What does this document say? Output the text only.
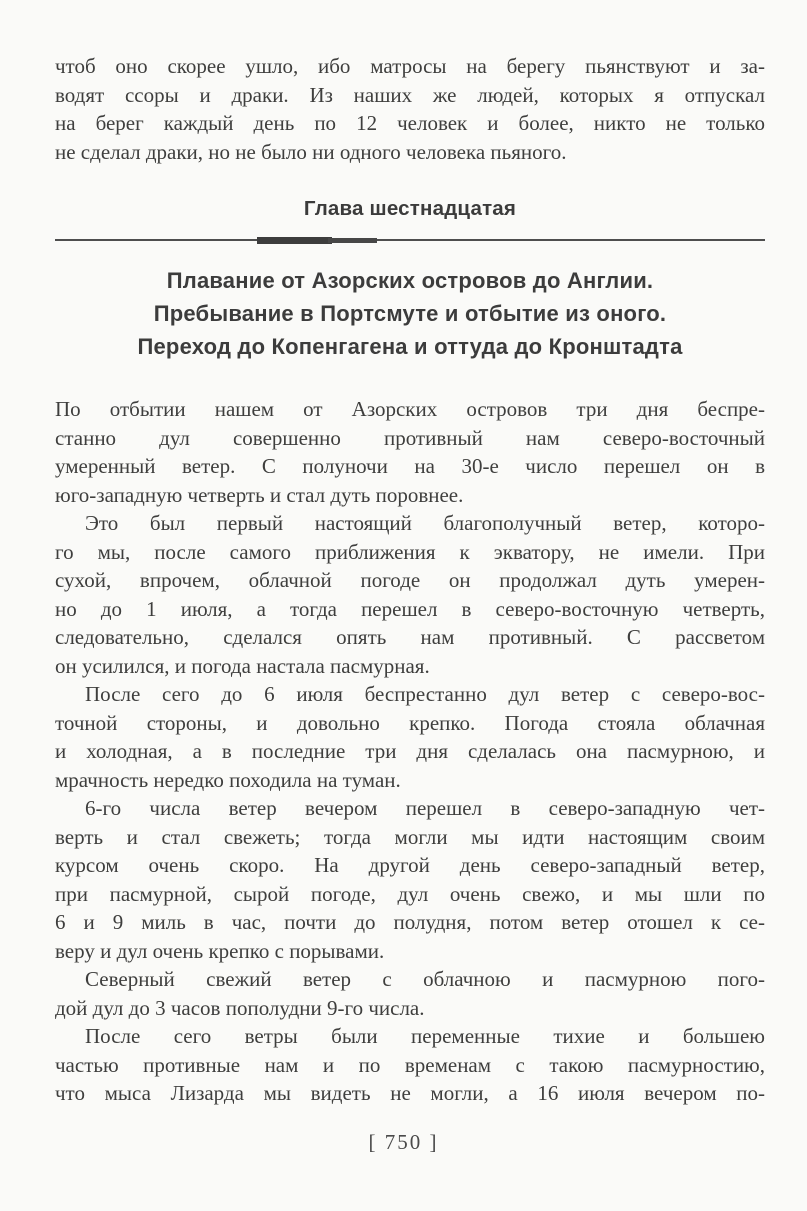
чтоб оно скорее ушло, ибо матросы на берегу пьянствуют и за-
водят ссоры и драки. Из наших же людей, которых я отпускал
на берег каждый день по 12 человек и более, никто не только
не сделал драки, но не было ни одного человека пьяного.
Глава шестнадцатая
Плавание от Азорских островов до Англии.
Пребывание в Портсмуте и отбытие из оного.
Переход до Копенгагена и оттуда до Кронштадта
По отбытии нашем от Азорских островов три дня беспре-
станно дул совершенно противный нам северо-восточный
умеренный ветер. С полуночи на 30-е число перешел он в
юго-западную четверть и стал дуть поровнее.
Это был первый настоящий благополучный ветер, которо-
го мы, после самого приближения к экватору, не имели. При
сухой, впрочем, облачной погоде он продолжал дуть умерен-
но до 1 июля, а тогда перешел в северо-восточную четверть,
следовательно, сделался опять нам противный. С рассветом
он усилился, и погода настала пасмурная.
После сего до 6 июля беспрестанно дул ветер с северо-вос-
точной стороны, и довольно крепко. Погода стояла облачная
и холодная, а в последние три дня сделалась она пасмурною, и
мрачность нередко походила на туман.
6-го числа ветер вечером перешел в северо-западную чет-
верть и стал свежеть; тогда могли мы идти настоящим своим
курсом очень скоро. На другой день северо-западный ветер,
при пасмурной, сырой погоде, дул очень свежо, и мы шли по
6 и 9 миль в час, почти до полудня, потом ветер отошел к се-
веру и дул очень крепко с порывами.
Северный свежий ветер с облачною и пасмурною пого-
дой дул до 3 часов пополудни 9-го числа.
После сего ветры были переменные тихие и большею
частью противные нам и по временам с такою пасмурностию,
что мыса Лизарда мы видеть не могли, а 16 июля вечером по-
[ 750 ]
